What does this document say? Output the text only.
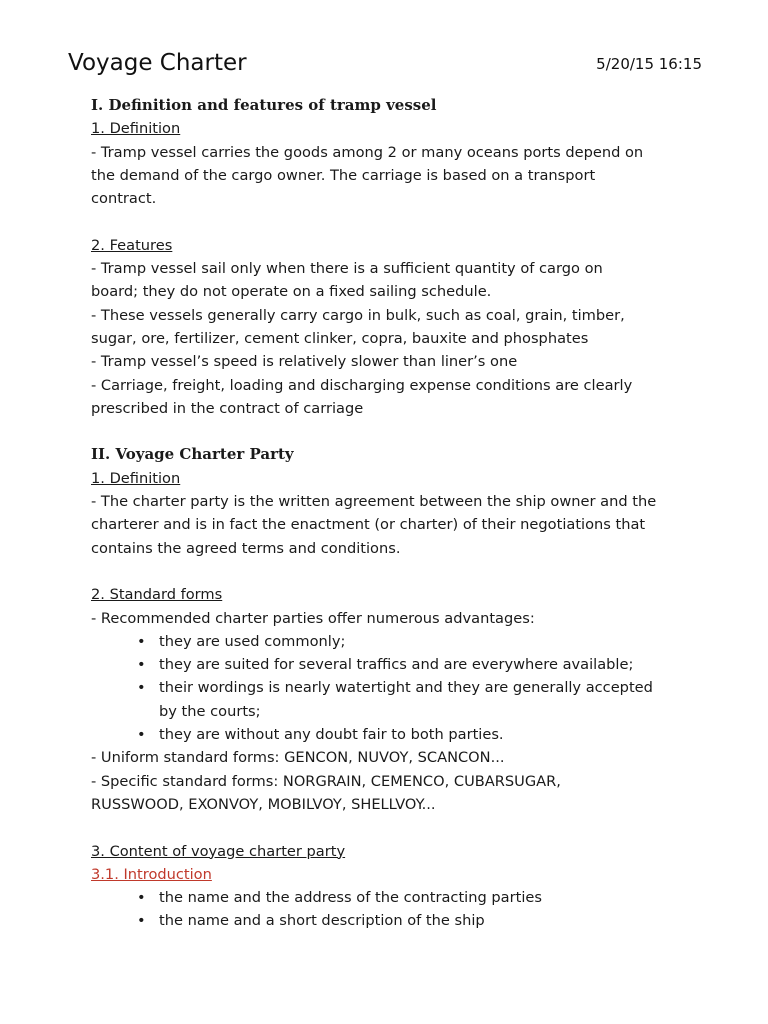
Voyage Charter	5/20/15 16:15
I. Definition and features of tramp vessel
1. Definition
- Tramp vessel carries the goods among 2 or many oceans ports depend on
the demand of the cargo owner. The carriage is based on a transport
contract.
2. Features
- Tramp vessel sail only when there is a sufficient quantity of cargo on
board; they do not operate on a fixed sailing schedule.
- These vessels generally carry cargo in bulk, such as coal, grain, timber,
sugar, ore, fertilizer, cement clinker, copra, bauxite and phosphates
- Tramp vessel’s speed is relatively slower than liner’s one
- Carriage, freight, loading and discharging expense conditions are clearly
prescribed in the contract of carriage
II. Voyage Charter Party
1. Definition
- The charter party is the written agreement between the ship owner and the
charterer and is in fact the enactment (or charter) of their negotiations that
contains the agreed terms and conditions.
2. Standard forms
- Recommended charter parties offer numerous advantages:
• they are used commonly;
• they are suited for several traffics and are everywhere available;
• their wordings is nearly watertight and they are generally accepted
by the courts;
• they are without any doubt fair to both parties.
- Uniform standard forms: GENCON, NUVOY, SCANCON...
- Specific standard forms: NORGRAIN, CEMENCO, CUBARSUGAR,
RUSSWOOD, EXONVOY, MOBILVOY, SHELLVOY...
3. Content of voyage charter party
3.1. Introduction
• the name and the address of the contracting parties
• the name and a short description of the ship
